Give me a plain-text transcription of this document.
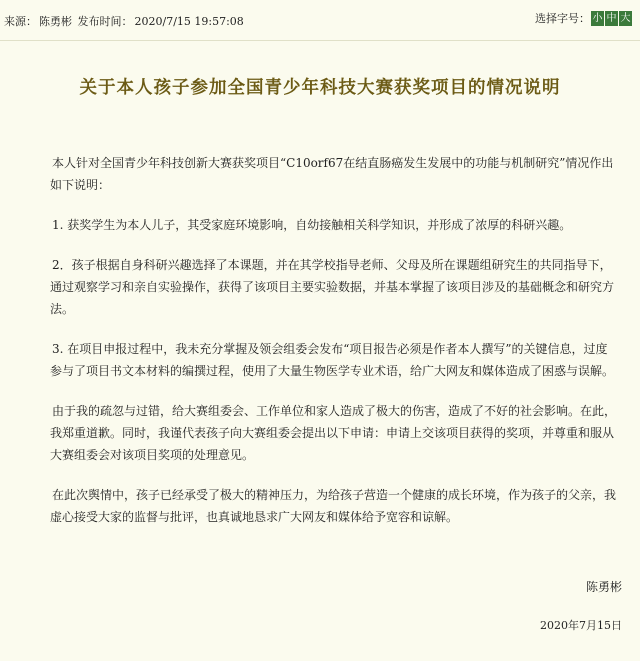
来源： 陈勇彬 发布时间： 2020/7/15 19:57:08	选择字号： 小 中 大
关于本人孩子参加全国青少年科技大赛获奖项目的情况说明

本人针对全国青少年科技创新大赛获奖项目“C10orf67在结直肠癌发生发展中的功能与机制研究”情况作出如下说明：

1. 获奖学生为本人儿子，其受家庭环境影响，自幼接触相关科学知识，并形成了浓厚的科研兴趣。

2．孩子根据自身科研兴趣选择了本课题，并在其学校指导老师、父母及所在课题组研究生的共同指导下，通过观察学习和亲自实验操作，获得了该项目主要实验数据，并基本掌握了该项目涉及的基础概念和研究方法。

3. 在项目申报过程中，我未充分掌握及领会组委会发布“项目报告必须是作者本人撰写”的关键信息，过度参与了项目书文本材料的编撰过程，使用了大量生物医学专业术语，给广大网友和媒体造成了困惑与误解。

由于我的疏忽与过错，给大赛组委会、工作单位和家人造成了极大的伤害，造成了不好的社会影响。在此，我郑重道歉。同时，我谨代表孩子向大赛组委会提出以下申请：申请上交该项目获得的奖项，并尊重和服从大赛组委会对该项目奖项的处理意见。

在此次舆情中，孩子已经承受了极大的精神压力，为给孩子营造一个健康的成长环境，作为孩子的父亲，我虚心接受大家的监督与批评，也真诚地恳求广大网友和媒体给予宽容和谅解。

陈勇彬
2020年7月15日
